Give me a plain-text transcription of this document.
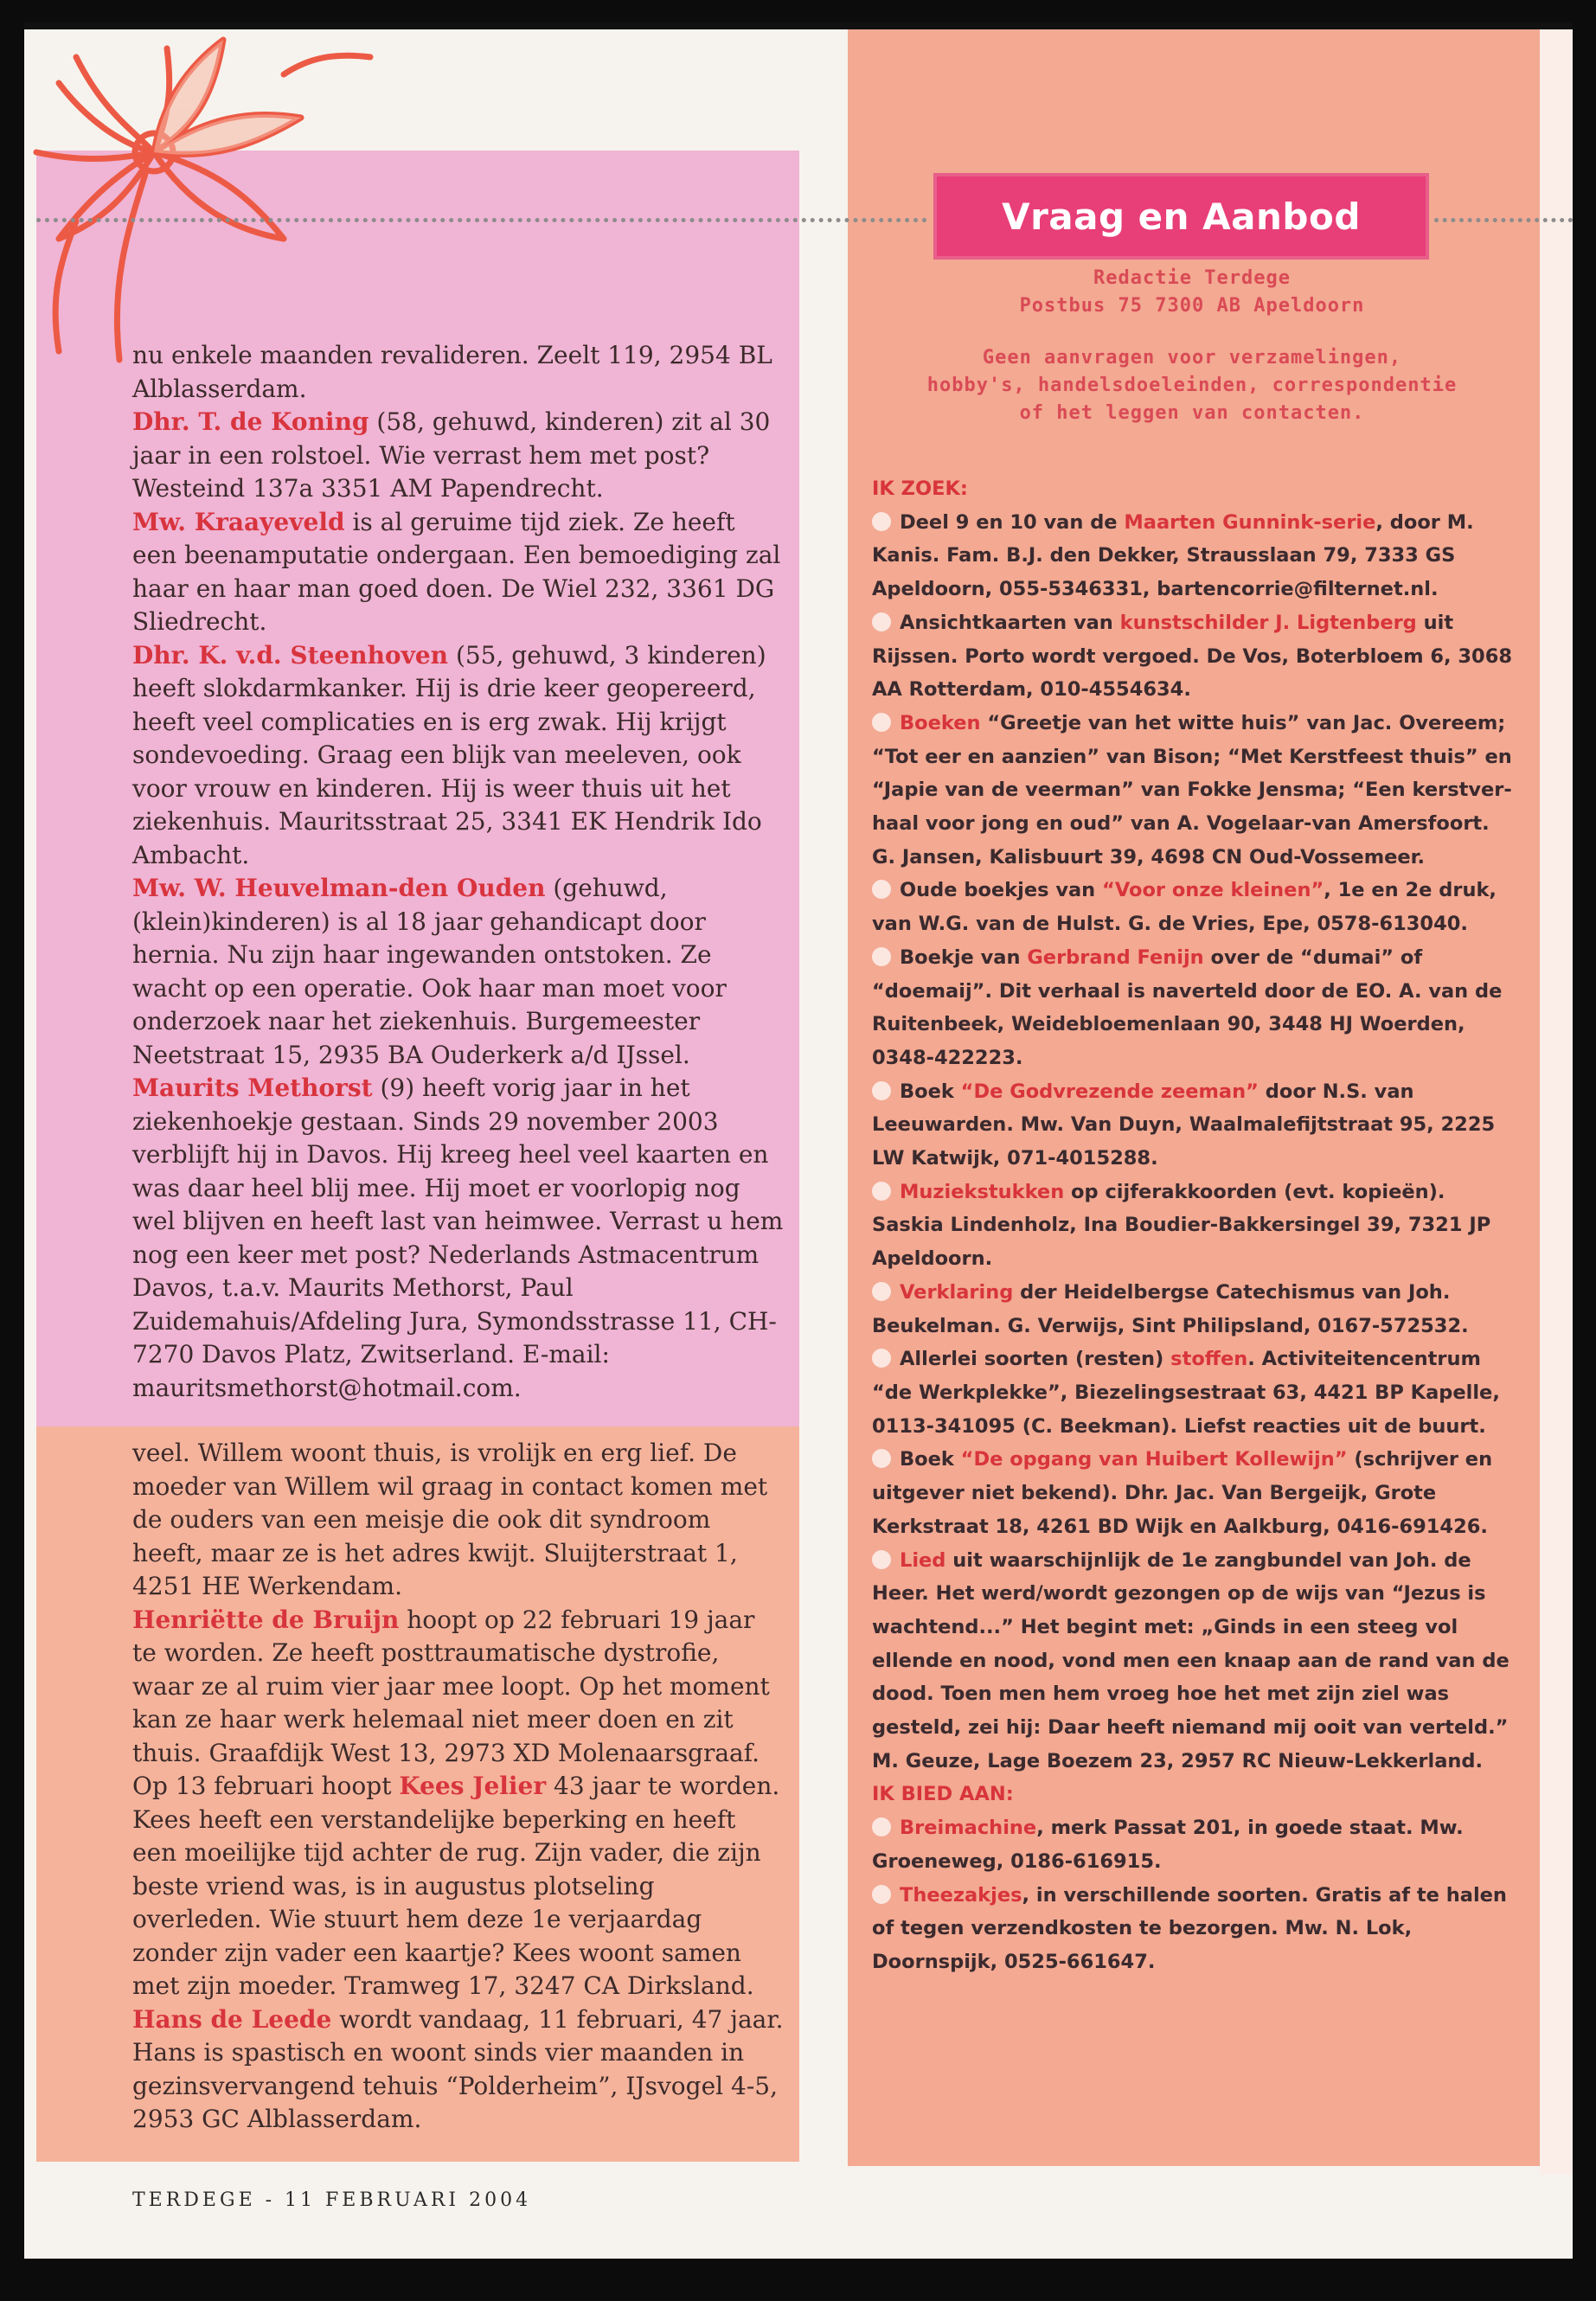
Vraag en Aanbod
Redactie Terdege
Postbus 75 7300 AB Apeldoorn
Geen aanvragen voor verzamelingen,
hobby's, handelsdoeleinden, correspondentie
of het leggen van contacten.

nu enkele maanden revalideren. Zeelt 119, 2954 BL Alblasserdam.

Dhr. T. de Koning (58, gehuwd, kinderen) zit al 30 jaar in een rolstoel. Wie verrast hem met post? Westeind 137a 3351 AM Papendrecht.

Mw. Kraayeveld is al geruime tijd ziek. Ze heeft een beenamputatie ondergaan. Een bemoediging zal haar en haar man goed doen. De Wiel 232, 3361 DG Sliedrecht.

Dhr. K. v.d. Steenhoven (55, gehuwd, 3 kinderen) heeft slokdarmkanker. Hij is drie keer geopereerd, heeft veel complicaties en is erg zwak. Hij krijgt sondevoeding. Graag een blijk van meeleven, ook voor vrouw en kinderen. Hij is weer thuis uit het ziekenhuis. Mauritsstraat 25, 3341 EK Hendrik Ido Ambacht.

Mw. W. Heuvelman-den Ouden (gehuwd, (klein)kinderen) is al 18 jaar gehandicapt door hernia. Nu zijn haar ingewanden ontstoken. Ze wacht op een operatie. Ook haar man moet voor onderzoek naar het ziekenhuis. Burgemeester Neetstraat 15, 2935 BA Ouderkerk a/d IJssel.

Maurits Methorst (9) heeft vorig jaar in het ziekenhoekje gestaan. Sinds 29 november 2003 verblijft hij in Davos. Hij kreeg heel veel kaarten en was daar heel blij mee. Hij moet er voorlopig nog wel blijven en heeft last van heimwee. Verrast u hem nog een keer met post? Nederlands Astmacentrum Davos, t.a.v. Maurits Methorst, Paul Zuidemahuis/Afdeling Jura, Symondsstrasse 11, CH-7270 Davos Platz, Zwitserland. E-mail: mauritsmethorst@hotmail.com.

veel. Willem woont thuis, is vrolijk en erg lief. De moeder van Willem wil graag in contact komen met de ouders van een meisje die ook dit syndroom heeft, maar ze is het adres kwijt. Sluijterstraat 1, 4251 HE Werkendam.

Henriëtte de Bruijn hoopt op 22 februari 19 jaar te worden. Ze heeft posttraumatische dystrofie, waar ze al ruim vier jaar mee loopt. Op het moment kan ze haar werk helemaal niet meer doen en zit thuis. Graafdijk West 13, 2973 XD Molenaarsgraaf.

Op 13 februari hoopt Kees Jelier 43 jaar te worden. Kees heeft een verstandelijke beperking en heeft een moeilijke tijd achter de rug. Zijn vader, die zijn beste vriend was, is in augustus plotseling overleden. Wie stuurt hem deze 1e verjaardag zonder zijn vader een kaartje? Kees woont samen met zijn moeder. Tramweg 17, 3247 CA Dirksland.

Hans de Leede wordt vandaag, 11 februari, 47 jaar. Hans is spastisch en woont sinds vier maanden in gezinsvervangend tehuis “Polderheim”, IJsvogel 4-5, 2953 GC Alblasserdam.

IK ZOEK:

Deel 9 en 10 van de Maarten Gunnink-serie, door M. Kanis. Fam. B.J. den Dekker, Strausslaan 79, 7333 GS Apeldoorn, 055-5346331, bartencorrie@filternet.nl.

Ansichtkaarten van kunstschilder J. Ligtenberg uit Rijssen. Porto wordt vergoed. De Vos, Boterbloem 6, 3068 AA Rotterdam, 010-4554634.

Boeken “Greetje van het witte huis” van Jac. Overeem; “Tot eer en aanzien” van Bison; “Met Kerstfeest thuis” en “Japie van de veerman” van Fokke Jensma; “Een kerstver-haal voor jong en oud” van A. Vogelaar-van Amersfoort. G. Jansen, Kalisbuurt 39, 4698 CN Oud-Vossemeer.

Oude boekjes van “Voor onze kleinen”, 1e en 2e druk, van W.G. van de Hulst. G. de Vries, Epe, 0578-613040.

Boekje van Gerbrand Fenijn over de “dumai” of “doemaij”. Dit verhaal is naverteld door de EO. A. van de Ruitenbeek, Weidebloemenlaan 90, 3448 HJ Woerden, 0348-422223.

Boek “De Godvrezende zeeman” door N.S. van Leeuwarden. Mw. Van Duyn, Waalmalefijtstraat 95, 2225 LW Katwijk, 071-4015288.

Muziekstukken op cijferakkoorden (evt. kopieën). Saskia Lindenholz, Ina Boudier-Bakkersingel 39, 7321 JP Apeldoorn.

Verklaring der Heidelbergse Catechismus van Joh. Beukelman. G. Verwijs, Sint Philipsland, 0167-572532.

Allerlei soorten (resten) stoffen. Activiteitencentrum “de Werkplekke”, Biezelingsestraat 63, 4421 BP Kapelle, 0113-341095 (C. Beekman). Liefst reacties uit de buurt.

Boek “De opgang van Huibert Kollewijn” (schrijver en uitgever niet bekend). Dhr. Jac. Van Bergeijk, Grote Kerkstraat 18, 4261 BD Wijk en Aalkburg, 0416-691426.

Lied uit waarschijnlijk de 1e zangbundel van Joh. de Heer. Het werd/wordt gezongen op de wijs van “Jezus is wachtend...” Het begint met: „Ginds in een steeg vol ellende en nood, vond men een knaap aan de rand van de dood. Toen men hem vroeg hoe het met zijn ziel was gesteld, zei hij: Daar heeft niemand mij ooit van verteld.” M. Geuze, Lage Boezem 23, 2957 RC Nieuw-Lekkerland.

IK BIED AAN:

Breimachine, merk Passat 201, in goede staat. Mw. Groeneweg, 0186-616915.

Theezakjes, in verschillende soorten. Gratis af te halen of tegen verzendkosten te bezorgen. Mw. N. Lok, Doornspijk, 0525-661647.

TERDEGE - 11 FEBRUARI 2004
